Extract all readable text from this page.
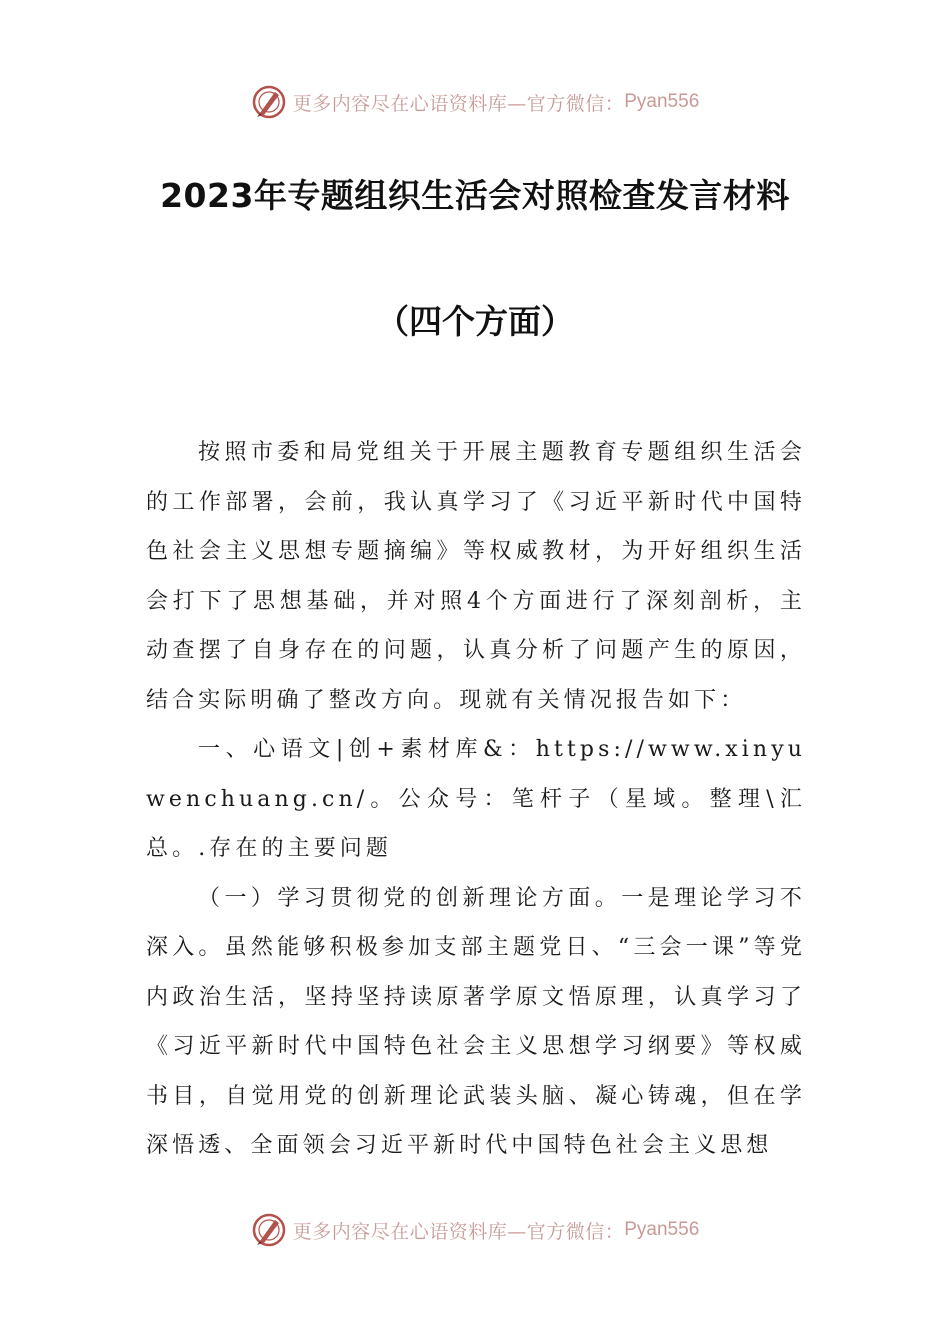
更多内容尽在心语资料库—官方微信： Pyan556
2023年专题组织生活会对照检查发言材料
（四个方面）

按照市委和局党组关于开展主题教育专题组织生活会的工作部署，会前，我认真学习了《习近平新时代中国特色社会主义思想专题摘编》等权威教材，为开好组织生活会打下了思想基础，并对照4个方面进行了深刻剖析，主动查摆了自身存在的问题，认真分析了问题产生的原因，结合实际明确了整改方向。现就有关情况报告如下：

一、心语文|创+素材库&：https://www.xinyuwenchuang.cn/。公众号：笔杆子（星域。整理\汇总。.存在的主要问题

（一）学习贯彻党的创新理论方面。一是理论学习不深入。虽然能够积极参加支部主题党日、“三会一课”等党内政治生活，坚持坚持读原著学原文悟原理，认真学习了《习近平新时代中国特色社会主义思想学习纲要》等权威书目，自觉用党的创新理论武装头脑、凝心铸魂，但在学深悟透、全面领会习近平新时代中国特色社会主义思想

更多内容尽在心语资料库—官方微信： Pyan556
